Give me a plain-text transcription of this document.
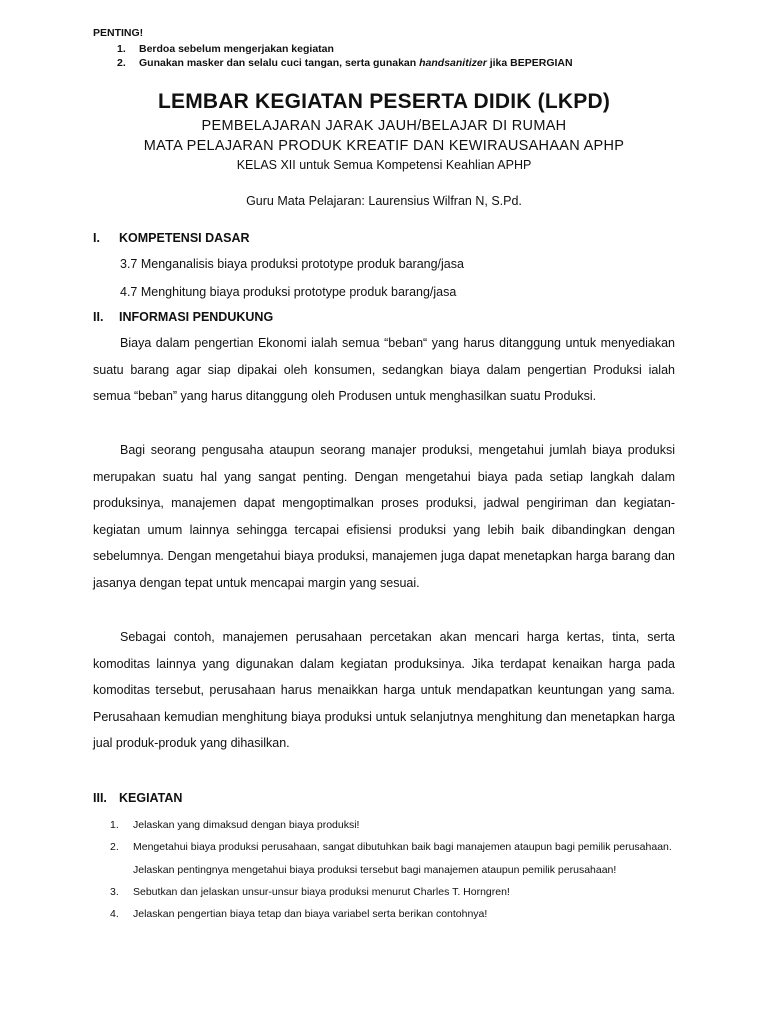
PENTING!
1.	Berdoa sebelum mengerjakan kegiatan
2.	Gunakan masker dan selalu cuci tangan, serta gunakan handsanitizer jika BEPERGIAN
LEMBAR KEGIATAN PESERTA DIDIK (LKPD)
PEMBELAJARAN JARAK JAUH/BELAJAR DI RUMAH
MATA PELAJARAN PRODUK KREATIF DAN KEWIRAUSAHAAN APHP
KELAS XII untuk Semua Kompetensi Keahlian APHP
Guru Mata Pelajaran: Laurensius Wilfran N, S.Pd.
I. KOMPETENSI DASAR
3.7 Menganalisis biaya produksi prototype produk barang/jasa
4.7 Menghitung biaya produksi prototype produk barang/jasa
II. INFORMASI PENDUKUNG

Biaya dalam pengertian Ekonomi ialah semua “beban“ yang harus ditanggung untuk menyediakan suatu barang agar siap dipakai oleh konsumen, sedangkan biaya dalam pengertian Produksi ialah semua “beban” yang harus ditanggung oleh Produsen untuk menghasilkan suatu Produksi.

Bagi seorang pengusaha ataupun seorang manajer produksi, mengetahui jumlah biaya produksi merupakan suatu hal yang sangat penting. Dengan mengetahui biaya pada setiap langkah dalam produksinya, manajemen dapat mengoptimalkan proses produksi, jadwal pengiriman dan kegiatan-kegiatan umum lainnya sehingga tercapai efisiensi produksi yang lebih baik dibandingkan dengan sebelumnya. Dengan mengetahui biaya produksi, manajemen juga dapat menetapkan harga barang dan jasanya dengan tepat untuk mencapai margin yang sesuai.

Sebagai contoh, manajemen perusahaan percetakan akan mencari harga kertas, tinta, serta komoditas lainnya yang digunakan dalam kegiatan produksinya. Jika terdapat kenaikan harga pada komoditas tersebut, perusahaan harus menaikkan harga untuk mendapatkan keuntungan yang sama. Perusahaan kemudian menghitung biaya produksi untuk selanjutnya menghitung dan menetapkan harga jual produk-produk yang dihasilkan.

III. KEGIATAN
1.	Jelaskan yang dimaksud dengan biaya produksi!
2.	Mengetahui biaya produksi perusahaan, sangat dibutuhkan baik bagi manajemen ataupun bagi pemilik perusahaan. Jelaskan pentingnya mengetahui biaya produksi tersebut bagi manajemen ataupun pemilik perusahaan!
3.	Sebutkan dan jelaskan unsur-unsur biaya produksi menurut Charles T. Horngren!
4.	Jelaskan pengertian biaya tetap dan biaya variabel serta berikan contohnya!
